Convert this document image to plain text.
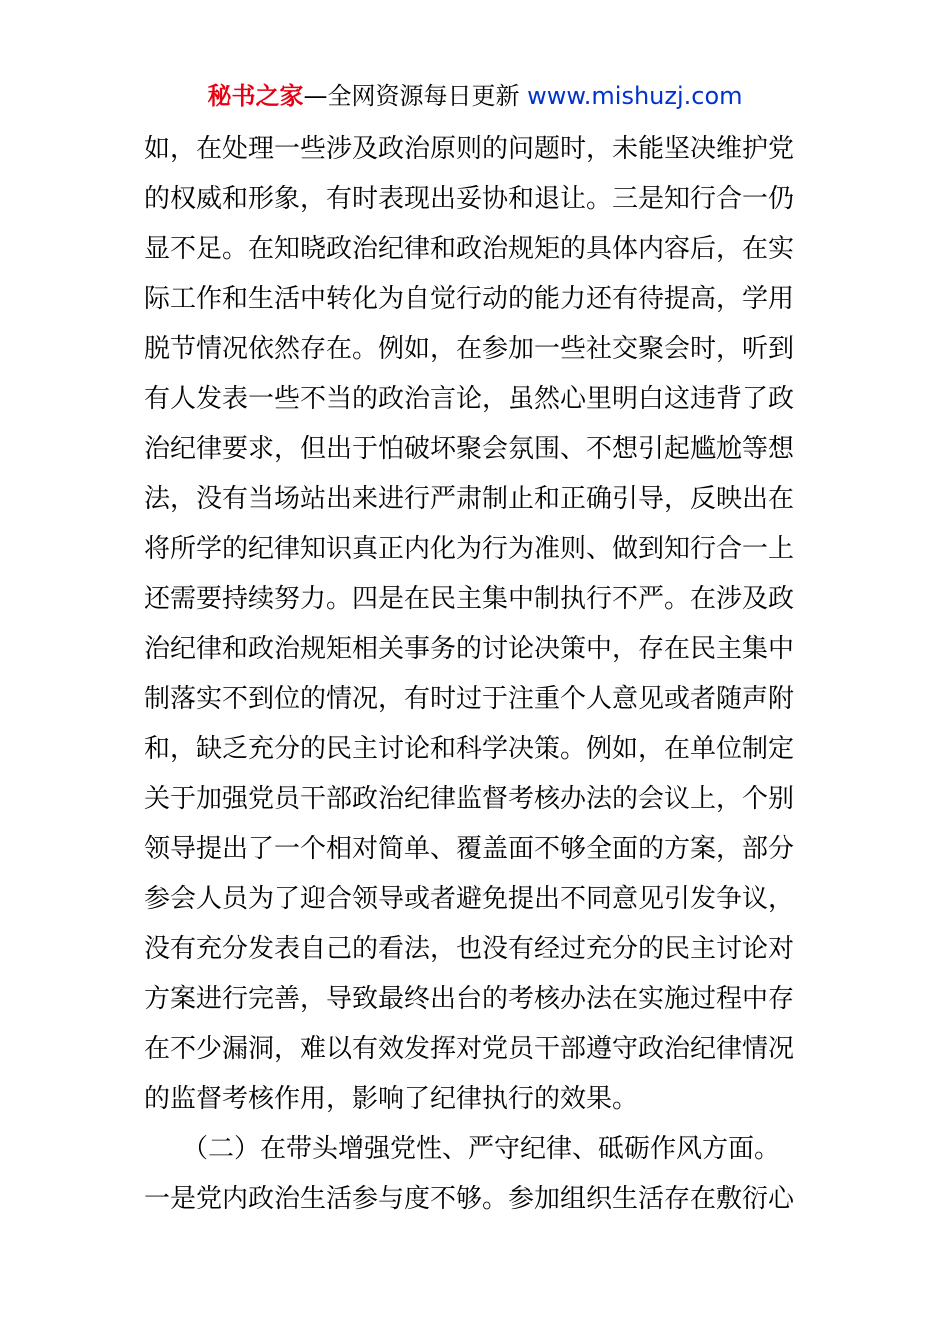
秘书之家—全网资源每日更新 www.mishuzj.com
如，在处理一些涉及政治原则的问题时，未能坚决维护党
的权威和形象，有时表现出妥协和退让。三是知行合一仍
显不足。在知晓政治纪律和政治规矩的具体内容后，在实
际工作和生活中转化为自觉行动的能力还有待提高，学用
脱节情况依然存在。例如，在参加一些社交聚会时，听到
有人发表一些不当的政治言论，虽然心里明白这违背了政
治纪律要求，但出于怕破坏聚会氛围、不想引起尴尬等想
法，没有当场站出来进行严肃制止和正确引导，反映出在
将所学的纪律知识真正内化为行为准则、做到知行合一上
还需要持续努力。四是在民主集中制执行不严。在涉及政
治纪律和政治规矩相关事务的讨论决策中，存在民主集中
制落实不到位的情况，有时过于注重个人意见或者随声附
和，缺乏充分的民主讨论和科学决策。例如，在单位制定
关于加强党员干部政治纪律监督考核办法的会议上，个别
领导提出了一个相对简单、覆盖面不够全面的方案，部分
参会人员为了迎合领导或者避免提出不同意见引发争议，
没有充分发表自己的看法，也没有经过充分的民主讨论对
方案进行完善，导致最终出台的考核办法在实施过程中存
在不少漏洞，难以有效发挥对党员干部遵守政治纪律情况
的监督考核作用，影响了纪律执行的效果。
（二）在带头增强党性、严守纪律、砥砺作风方面。
一是党内政治生活参与度不够。参加组织生活存在敷衍心
